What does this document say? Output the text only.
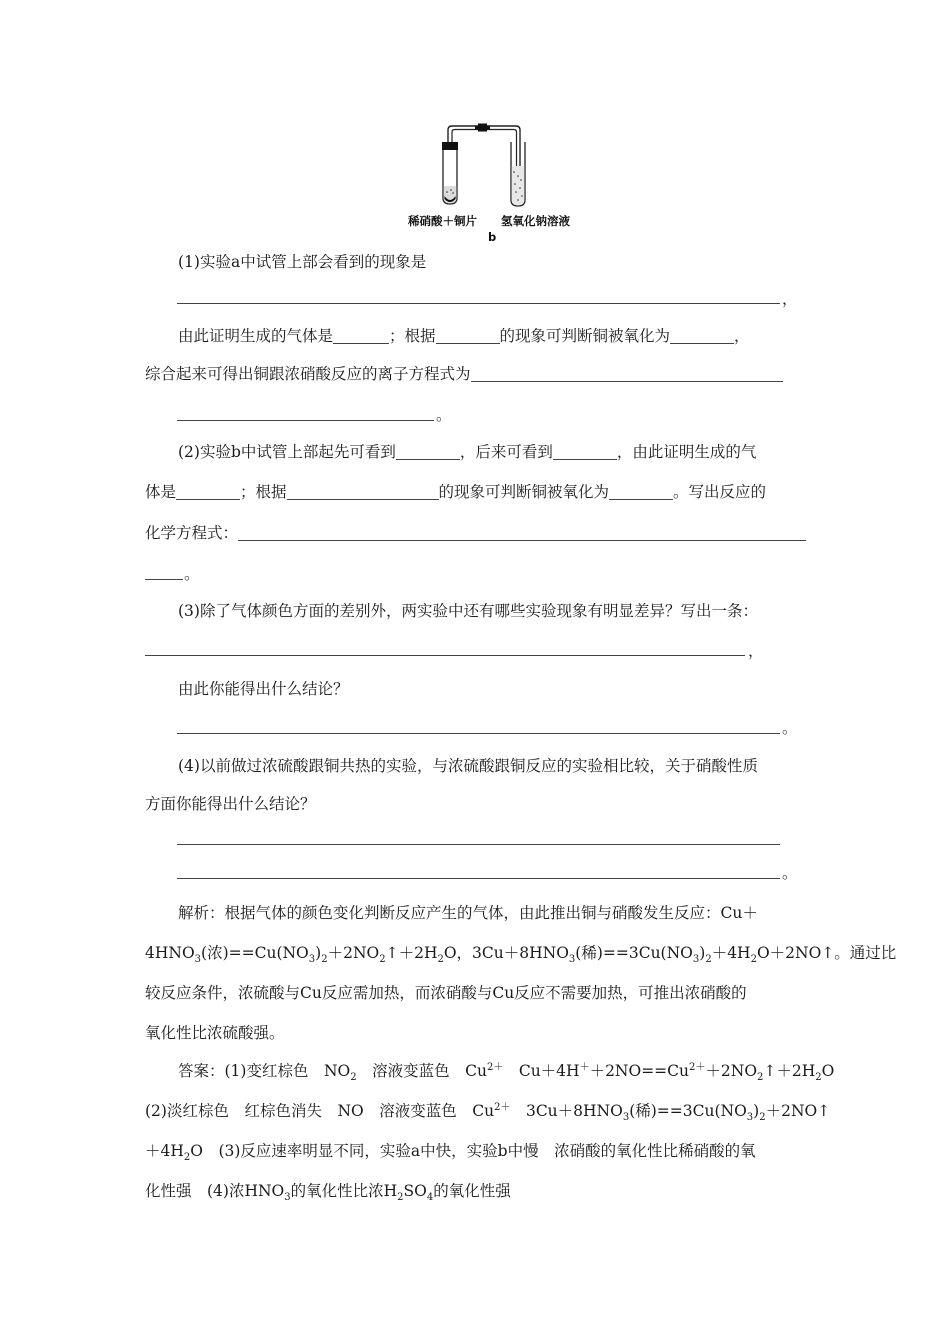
稀硝酸＋铜片 氢氧化钠溶液
b
(1)实验a中试管上部会看到的现象是
，
由此证明生成的气体是	；根据	的现象可判断铜被氧化为	，
综合起来可得出铜跟浓硝酸反应的离子方程式为
。
(2)实验b中试管上部起先可看到	，后来可看到	，由此证明生成的气
体是	；根据	的现象可判断铜被氧化为	。写出反应的
化学方程式：
。
(3)除了气体颜色方面的差别外，两实验中还有哪些实验现象有明显差异？写出一条：
，
由此你能得出什么结论？
。
(4)以前做过浓硫酸跟铜共热的实验，与浓硫酸跟铜反应的实验相比较，关于硝酸性质
方面你能得出什么结论？
。
解析：根据气体的颜色变化判断反应产生的气体，由此推出铜与硝酸发生反应：Cu＋
$4HNO_3$(浓)$==Cu(NO_3)_2+2NO_2↑+2H_2O$，$3Cu+8HNO_3$(稀)$==3Cu(NO_3)_2+4H_2O+2NO↑$。通过比
较反应条件，浓硫酸与Cu反应需加热，而浓硝酸与Cu反应不需要加热，可推出浓硝酸的
氧化性比浓硫酸强。
答案：(1)变红棕色　$NO_2$　溶液变蓝色　$Cu^{2+}$　$Cu+4H^++2NO==Cu^{2+}+2NO_2↑+2H_2O$
(2)淡红棕色　红棕色消失　NO　溶液变蓝色　$Cu^{2+}$　$3Cu+8HNO_3$(稀)$==3Cu(NO_3)_2+2NO↑$
$+4H_2O$　(3)反应速率明显不同，实验a中快，实验b中慢　浓硝酸的氧化性比稀硝酸的氧
化性强　(4)浓$HNO_3$的氧化性比浓$H_2SO_4$的氧化性强
